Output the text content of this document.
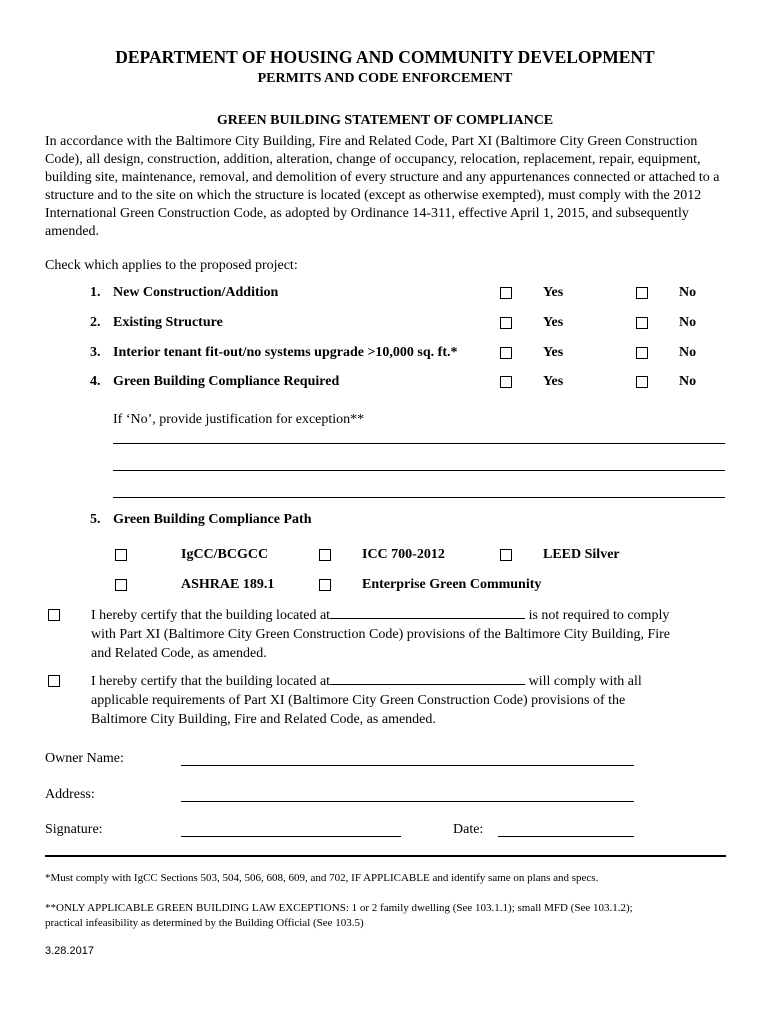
DEPARTMENT OF HOUSING AND COMMUNITY DEVELOPMENT
PERMITS AND CODE ENFORCEMENT
GREEN BUILDING STATEMENT OF COMPLIANCE
In accordance with the Baltimore City Building, Fire and Related Code, Part XI (Baltimore City Green Construction Code), all design, construction, addition, alteration, change of occupancy, relocation, replacement, repair, equipment, building site, maintenance, removal, and demolition of every structure and any appurtenances connected or attached to a structure and to the site on which the structure is located (except as otherwise exempted), must comply with the 2012 International Green Construction Code, as adopted by Ordinance 14-311, effective April 1, 2015, and subsequently amended.
Check which applies to the proposed project:
1. New Construction/Addition	Yes	No
2. Existing Structure	Yes	No
3. Interior tenant fit-out/no systems upgrade >10,000 sq. ft.*	Yes	No
4. Green Building Compliance Required	Yes	No
If ‘No’, provide justification for exception**
5. Green Building Compliance Path
IgCC/BCGCC	ICC 700-2012	LEED Silver
ASHRAE 189.1	Enterprise Green Community
I hereby certify that the building located at	is not required to comply
with Part XI (Baltimore City Green Construction Code) provisions of the Baltimore City Building, Fire
and Related Code, as amended.
I hereby certify that the building located at	will comply with all
applicable requirements of Part XI (Baltimore City Green Construction Code) provisions of the
Baltimore City Building, Fire and Related Code, as amended.
Owner Name:
Address:
Signature:	Date:
*Must comply with IgCC Sections 503, 504, 506, 608, 609, and 702, IF APPLICABLE and identify same on plans and specs.
**ONLY APPLICABLE GREEN BUILDING LAW EXCEPTIONS: 1 or 2 family dwelling (See 103.1.1); small MFD (See 103.1.2);
practical infeasibility as determined by the Building Official (See 103.5)
3.28.2017
